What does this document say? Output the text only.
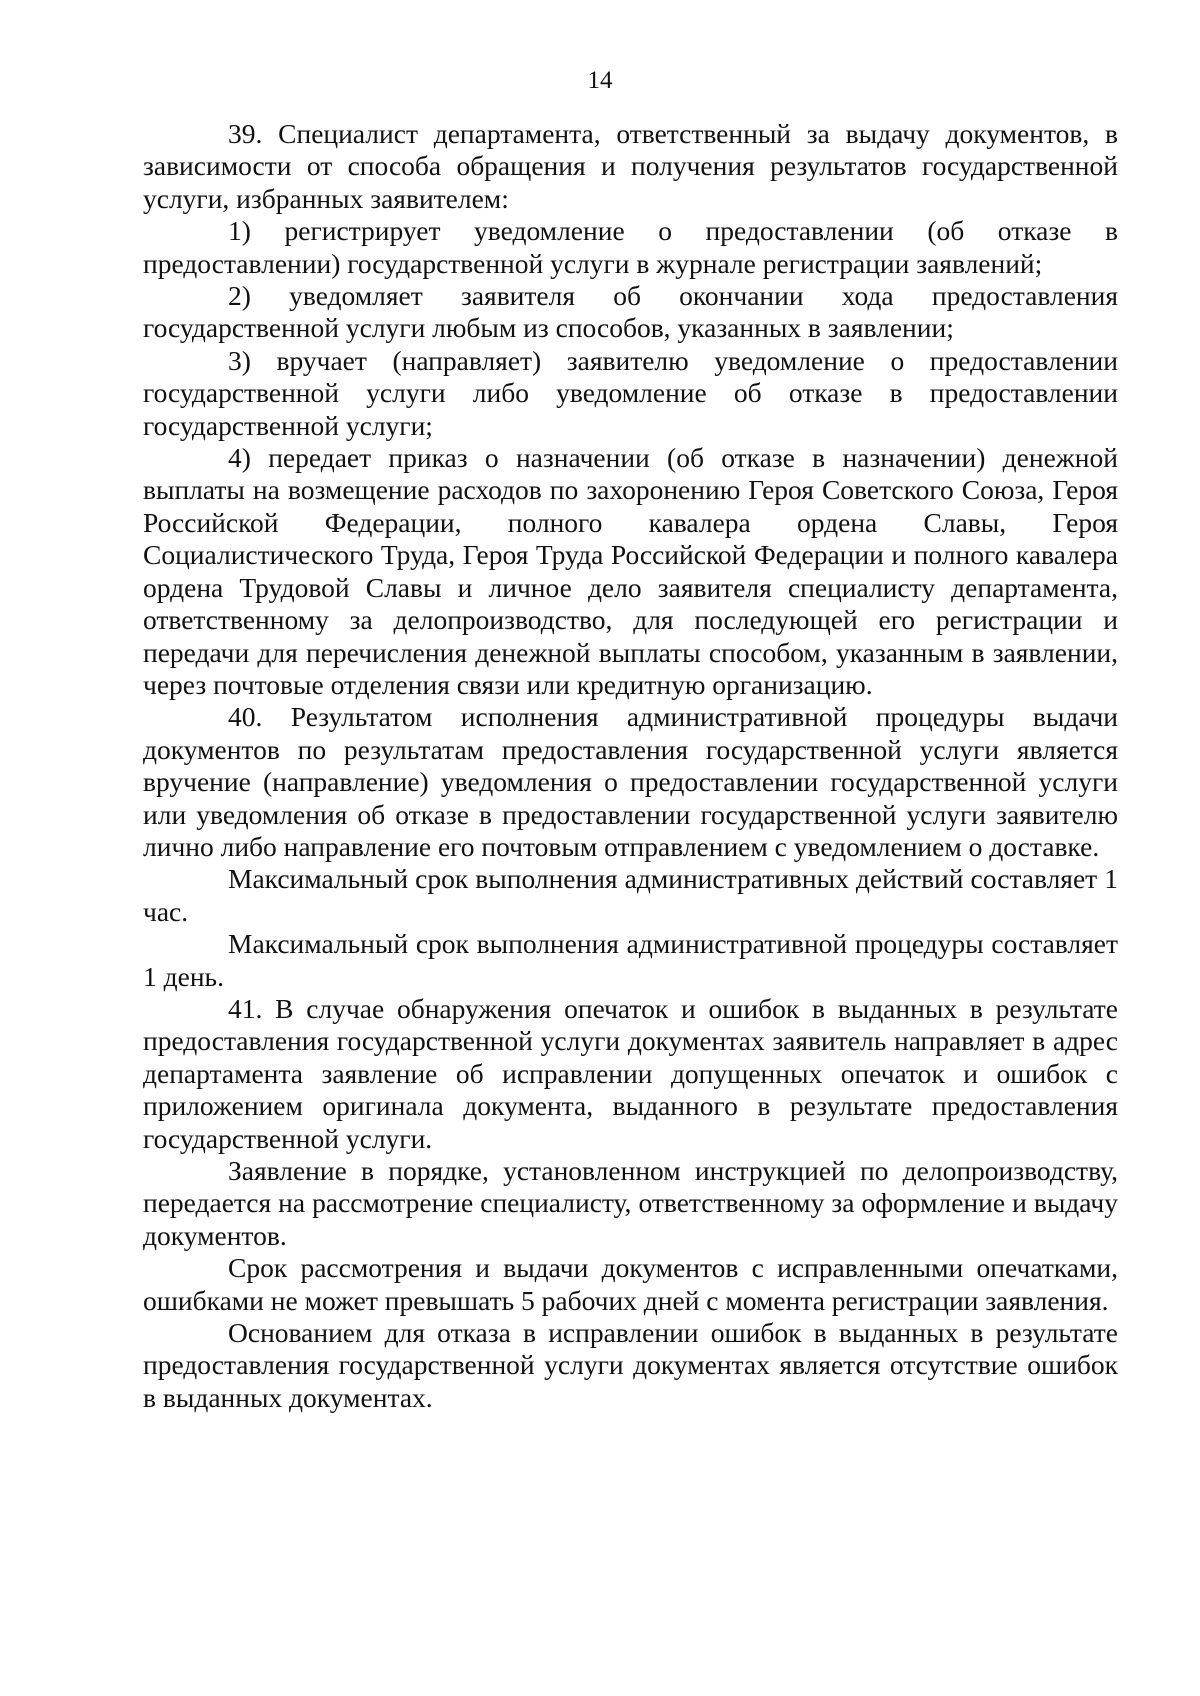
14

39. Специалист департамента, ответственный за выдачу документов, в зависимости от способа обращения и получения результатов государственной услуги, избранных заявителем:

1) регистрирует уведомление о предоставлении (об отказе в предоставлении) государственной услуги в журнале регистрации заявлений;

2) уведомляет заявителя об окончании хода предоставления государственной услуги любым из способов, указанных в заявлении;

3) вручает (направляет) заявителю уведомление о предоставлении государственной услуги либо уведомление об отказе в предоставлении государственной услуги;

4) передает приказ о назначении (об отказе в назначении) денежной выплаты на возмещение расходов по захоронению Героя Советского Союза, Героя Российской Федерации, полного кавалера ордена Славы, Героя Социалистического Труда, Героя Труда Российской Федерации и полного кавалера ордена Трудовой Славы и личное дело заявителя специалисту департамента, ответственному за делопроизводство, для последующей его регистрации и передачи для перечисления денежной выплаты способом, указанным в заявлении, через почтовые отделения связи или кредитную организацию.

40. Результатом исполнения административной процедуры выдачи документов по результатам предоставления государственной услуги является вручение (направление) уведомления о предоставлении государственной услуги или уведомления об отказе в предоставлении государственной услуги заявителю лично либо направление его почтовым отправлением с уведомлением о доставке.

Максимальный срок выполнения административных действий составляет 1 час.

Максимальный срок выполнения административной процедуры составляет 1 день.

41. В случае обнаружения опечаток и ошибок в выданных в результате предоставления государственной услуги документах заявитель направляет в адрес департамента заявление об исправлении допущенных опечаток и ошибок с приложением оригинала документа, выданного в результате предоставления государственной услуги.

Заявление в порядке, установленном инструкцией по делопроизводству, передается на рассмотрение специалисту, ответственному за оформление и выдачу документов.

Срок рассмотрения и выдачи документов с исправленными опечатками, ошибками не может превышать 5 рабочих дней с момента регистрации заявления.

Основанием для отказа в исправлении ошибок в выданных в результате предоставления государственной услуги документах является отсутствие ошибок в выданных документах.
